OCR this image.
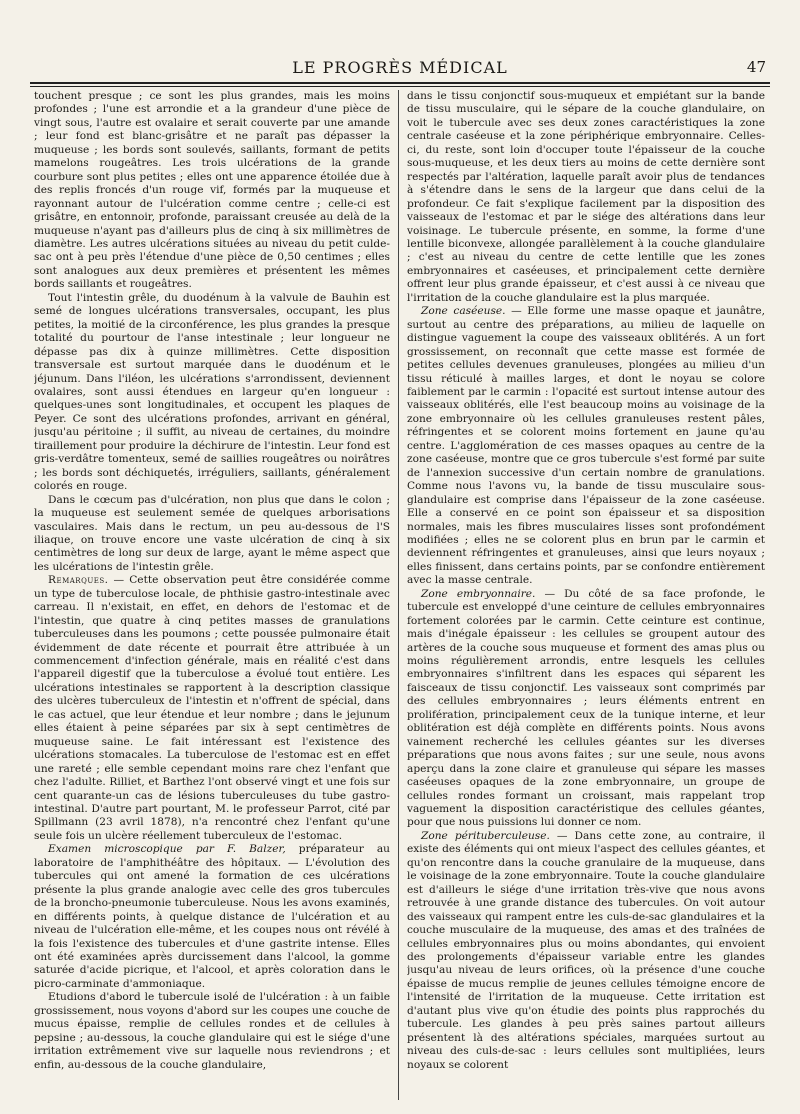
LE PROGRÈS MÉDICAL	47

touchent presque ; ce sont les plus grandes, mais les moins profondes ; l'une est arrondie et a la grandeur d'une pièce de vingt sous, l'autre est ovalaire et serait couverte par une amande ; leur fond est blanc-grisâtre et ne paraît pas dépasser la muqueuse ; les bords sont soulevés, saillants, formant de petits mamelons rougeâtres. Les trois ulcérations de la grande courbure sont plus petites ; elles ont une apparence étoilée due à des replis froncés d'un rouge vif, formés par la muqueuse et rayonnant autour de l'ulcération comme centre ; celle-ci est grisâtre, en entonnoir, profonde, paraissant creusée au delà de la muqueuse n'ayant pas d'ailleurs plus de cinq à six millimètres de diamètre. Les autres ulcérations situées au niveau du petit culde-sac ont à peu près l'étendue d'une pièce de 0,50 centimes ; elles sont analogues aux deux premières et présentent les mêmes bords saillants et rougeâtres.

Tout l'intestin grêle, du duodénum à la valvule de Bauhin est semé de longues ulcérations transversales, occupant, les plus petites, la moitié de la circonférence, les plus grandes la presque totalité du pourtour de l'anse intestinale ; leur longueur ne dépasse pas dix à quinze millimètres. Cette disposition transversale est surtout marquée dans le duodénum et le jéjunum. Dans l'iléon, les ulcérations s'arrondissent, deviennent ovalaires, sont aussi étendues en largeur qu'en longueur : quelques-unes sont longitudinales, et occupent les plaques de Peyer. Ce sont des ulcérations profondes, arrivant en général, jusqu'au péritoine ; il suffit, au niveau de certaines, du moindre tiraillement pour produire la déchirure de l'intestin. Leur fond est gris-verdâtre tomenteux, semé de saillies rougeâtres ou noirâtres ; les bords sont déchiquetés, irréguliers, saillants, généralement colorés en rouge.

Dans le cœcum pas d'ulcération, non plus que dans le colon ; la muqueuse est seulement semée de quelques arborisations vasculaires. Mais dans le rectum, un peu au-dessous de l'S iliaque, on trouve encore une vaste ulcération de cinq à six centimètres de long sur deux de large, ayant le même aspect que les ulcérations de l'intestin grêle.

Remarques. — Cette observation peut être considérée comme un type de tuberculose locale, de phthisie gastro-intestinale avec carreau. Il n'existait, en effet, en dehors de l'estomac et de l'intestin, que quatre à cinq petites masses de granulations tuberculeuses dans les poumons ; cette poussée pulmonaire était évidemment de date récente et pourrait être attribuée à un commencement d'infection générale, mais en réalité c'est dans l'appareil digestif que la tuberculose a évolué tout entière. Les ulcérations intestinales se rapportent à la description classique des ulcères tuberculeux de l'intestin et n'offrent de spécial, dans le cas actuel, que leur étendue et leur nombre ; dans le jejunum elles étaient à peine séparées par six à sept centimètres de muqueuse saine. Le fait intéressant est l'existence des ulcérations stomacales. La tuberculose de l'estomac est en effet une rareté ; elle semble cependant moins rare chez l'enfant que chez l'adulte. Rilliet, et Barthez l'ont observé vingt et une fois sur cent quarante-un cas de lésions tuberculeuses du tube gastro-intestinal. D'autre part pourtant, M. le professeur Parrot, cité par Spillmann (23 avril 1878), n'a rencontré chez l'enfant qu'une seule fois un ulcère réellement tuberculeux de l'estomac.

Examen microscopique par F. Balzer, préparateur au laboratoire de l'amphithéâtre des hôpitaux. — L'évolution des tubercules qui ont amené la formation de ces ulcérations présente la plus grande analogie avec celle des gros tubercules de la broncho-pneumonie tuberculeuse. Nous les avons examinés, en différents points, à quelque distance de l'ulcération et au niveau de l'ulcération elle-même, et les coupes nous ont révélé à la fois l'existence des tubercules et d'une gastrite intense. Elles ont été examinées après durcissement dans l'alcool, la gomme saturée d'acide picrique, et l'alcool, et après coloration dans le picro-carminate d'ammoniaque.

Etudions d'abord le tubercule isolé de l'ulcération : à un faible grossissement, nous voyons d'abord sur les coupes une couche de mucus épaisse, remplie de cellules rondes et de cellules à pepsine ; au-dessous, la couche glandulaire qui est le siége d'une irritation extrêmement vive sur laquelle nous reviendrons ; et enfin, au-dessous de la couche glandulaire,

dans le tissu conjonctif sous-muqueux et empiétant sur la bande de tissu musculaire, qui le sépare de la couche glandulaire, on voit le tubercule avec ses deux zones caractéristiques la zone centrale caséeuse et la zone périphérique embryonnaire. Celles-ci, du reste, sont loin d'occuper toute l'épaisseur de la couche sous-muqueuse, et les deux tiers au moins de cette dernière sont respectés par l'altération, laquelle paraît avoir plus de tendances à s'étendre dans le sens de la largeur que dans celui de la profondeur. Ce fait s'explique facilement par la disposition des vaisseaux de l'estomac et par le siége des altérations dans leur voisinage. Le tubercule présente, en somme, la forme d'une lentille biconvexe, allongée parallèlement à la couche glandulaire ; c'est au niveau du centre de cette lentille que les zones embryonnaires et caséeuses, et principalement cette dernière offrent leur plus grande épaisseur, et c'est aussi à ce niveau que l'irritation de la couche glandulaire est la plus marquée.

Zone caséeuse. — Elle forme une masse opaque et jaunâtre, surtout au centre des préparations, au milieu de laquelle on distingue vaguement la coupe des vaisseaux oblitérés. A un fort grossissement, on reconnaît que cette masse est formée de petites cellules devenues granuleuses, plongées au milieu d'un tissu réticulé à mailles larges, et dont le noyau se colore faiblement par le carmin : l'opacité est surtout intense autour des vaisseaux oblitérés, elle l'est beaucoup moins au voisinage de la zone embryonnaire où les cellules granuleuses restent pâles, réfringentes et se colorent moins fortement en jaune qu'au centre. L'agglomération de ces masses opaques au centre de la zone caséeuse, montre que ce gros tubercule s'est formé par suite de l'annexion successive d'un certain nombre de granulations. Comme nous l'avons vu, la bande de tissu musculaire sous-glandulaire est comprise dans l'épaisseur de la zone caséeuse. Elle a conservé en ce point son épaisseur et sa disposition normales, mais les fibres musculaires lisses sont profondément modifiées ; elles ne se colorent plus en brun par le carmin et deviennent réfringentes et granuleuses, ainsi que leurs noyaux ; elles finissent, dans certains points, par se confondre entièrement avec la masse centrale.

Zone embryonnaire. — Du côté de sa face profonde, le tubercule est enveloppé d'une ceinture de cellules embryonnaires fortement colorées par le carmin. Cette ceinture est continue, mais d'inégale épaisseur : les cellules se groupent autour des artères de la couche sous muqueuse et forment des amas plus ou moins régulièrement arrondis, entre lesquels les cellules embryonnaires s'infiltrent dans les espaces qui séparent les faisceaux de tissu conjonctif. Les vaisseaux sont comprimés par des cellules embryonnaires ; leurs éléments entrent en prolifération, principalement ceux de la tunique interne, et leur oblitération est déjà complète en différents points. Nous avons vainement recherché les cellules géantes sur les diverses préparations que nous avons faites ; sur une seule, nous avons aperçu dans la zone claire et granuleuse qui sépare les masses caséeuses opaques de la zone embryonnaire, un groupe de cellules rondes formant un croissant, mais rappelant trop vaguement la disposition caractéristique des cellules géantes, pour que nous puissions lui donner ce nom.

Zone pérituberculeuse. — Dans cette zone, au contraire, il existe des éléments qui ont mieux l'aspect des cellules géantes, et qu'on rencontre dans la couche granulaire de la muqueuse, dans le voisinage de la zone embryonnaire. Toute la couche glandulaire est d'ailleurs le siége d'une irritation très-vive que nous avons retrouvée à une grande distance des tubercules. On voit autour des vaisseaux qui rampent entre les culs-de-sac glandulaires et la couche musculaire de la muqueuse, des amas et des traînées de cellules embryonnaires plus ou moins abondantes, qui envoient des prolongements d'épaisseur variable entre les glandes jusqu'au niveau de leurs orifices, où la présence d'une couche épaisse de mucus remplie de jeunes cellules témoigne encore de l'intensité de l'irritation de la muqueuse. Cette irritation est d'autant plus vive qu'on étudie des points plus rapprochés du tubercule. Les glandes à peu près saines partout ailleurs présentent là des altérations spéciales, marquées surtout au niveau des culs-de-sac : leurs cellules sont multipliées, leurs noyaux se colorent
